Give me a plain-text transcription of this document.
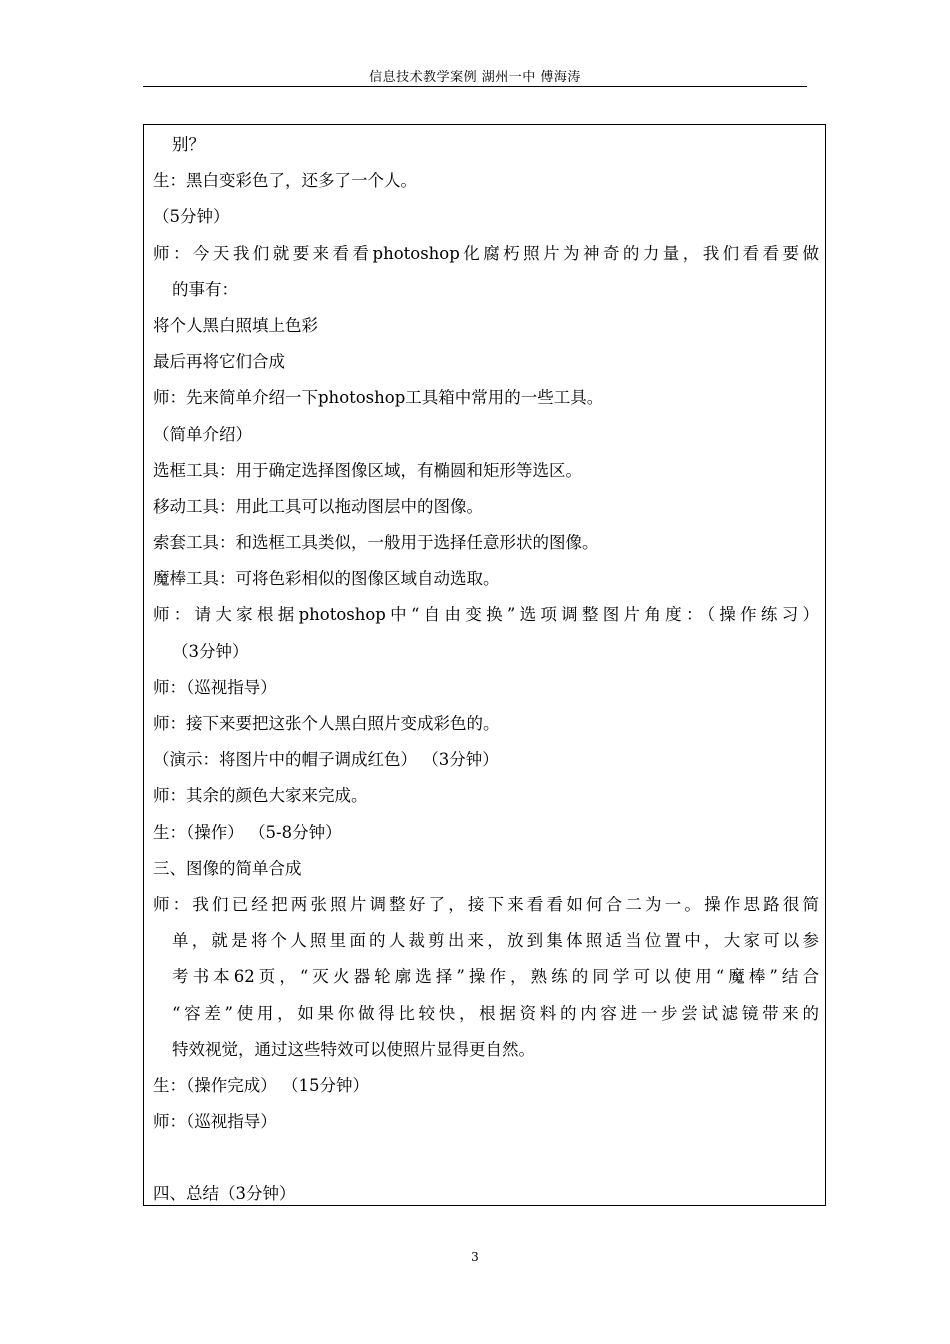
信息技术教学案例 湖州一中 傅海涛
别？
生：黑白变彩色了，还多了一个人。
（5分钟）
师：今天我们就要来看看photoshop化腐朽照片为神奇的力量，我们看看要做
的事有：
将个人黑白照填上色彩
最后再将它们合成
师：先来简单介绍一下photoshop工具箱中常用的一些工具。
（简单介绍）
选框工具：用于确定选择图像区域，有椭圆和矩形等选区。
移动工具：用此工具可以拖动图层中的图像。
索套工具：和选框工具类似，一般用于选择任意形状的图像。
魔棒工具：可将色彩相似的图像区域自动选取。
师：请大家根据photoshop中“自由变换”选项调整图片角度：（操作练习）
（3分钟）
师：（巡视指导）
师：接下来要把这张个人黑白照片变成彩色的。
（演示：将图片中的帽子调成红色） （3分钟）
师：其余的颜色大家来完成。
生：（操作） （5-8分钟）
三、图像的简单合成
师：我们已经把两张照片调整好了，接下来看看如何合二为一。操作思路很简
单，就是将个人照里面的人裁剪出来，放到集体照适当位置中，大家可以参
考书本62页，“灭火器轮廓选择”操作，熟练的同学可以使用“魔棒”结合
“容差”使用，如果你做得比较快，根据资料的内容进一步尝试滤镜带来的
特效视觉，通过这些特效可以使照片显得更自然。
生：（操作完成） （15分钟）
师：（巡视指导）
四、总结（3分钟）
3
